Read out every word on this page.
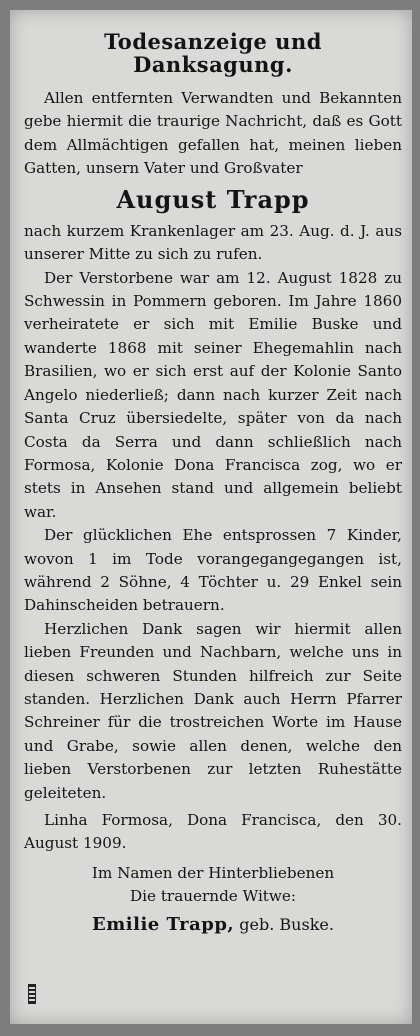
Todesanzeige und Danksagung.

Allen entfernten Verwandten und Bekannten gebe hiermit die traurige Nachricht, daß es Gott dem Allmächtigen gefallen hat, meinen lieben Gatten, unsern Vater und Großvater

August Trapp

nach kurzem Krankenlager am 23. Aug. d. J. aus unserer Mitte zu sich zu rufen.

Der Verstorbene war am 12. August 1828 zu Schwessin in Pommern geboren. Im Jahre 1860 verheiratete er sich mit Emilie Buske und wanderte 1868 mit seiner Ehegemahlin nach Brasilien, wo er sich erst auf der Kolonie Santo Angelo niederließ; dann nach kurzer Zeit nach Santa Cruz übersiedelte, später von da nach Costa da Serra und dann schließlich nach Formosa, Kolonie Dona Francisca zog, wo er stets in Ansehen stand und allgemein beliebt war.

Der glücklichen Ehe entsprossen 7 Kinder, wovon 1 im Tode vorangegangegangen ist, während 2 Söhne, 4 Töchter u. 29 Enkel sein Dahinscheiden betrauern.

Herzlichen Dank sagen wir hiermit allen lieben Freunden und Nachbarn, welche uns in diesen schweren Stunden hilfreich zur Seite standen. Herzlichen Dank auch Herrn Pfarrer Schreiner für die trostreichen Worte im Hause und Grabe, sowie allen denen, welche den lieben Verstorbenen zur letzten Ruhestätte geleiteten.

Linha Formosa, Dona Francisca, den 30. August 1909.

Im Namen der Hinterbliebenen
Die trauernde Witwe:
Emilie Trapp, geb. Buske.
